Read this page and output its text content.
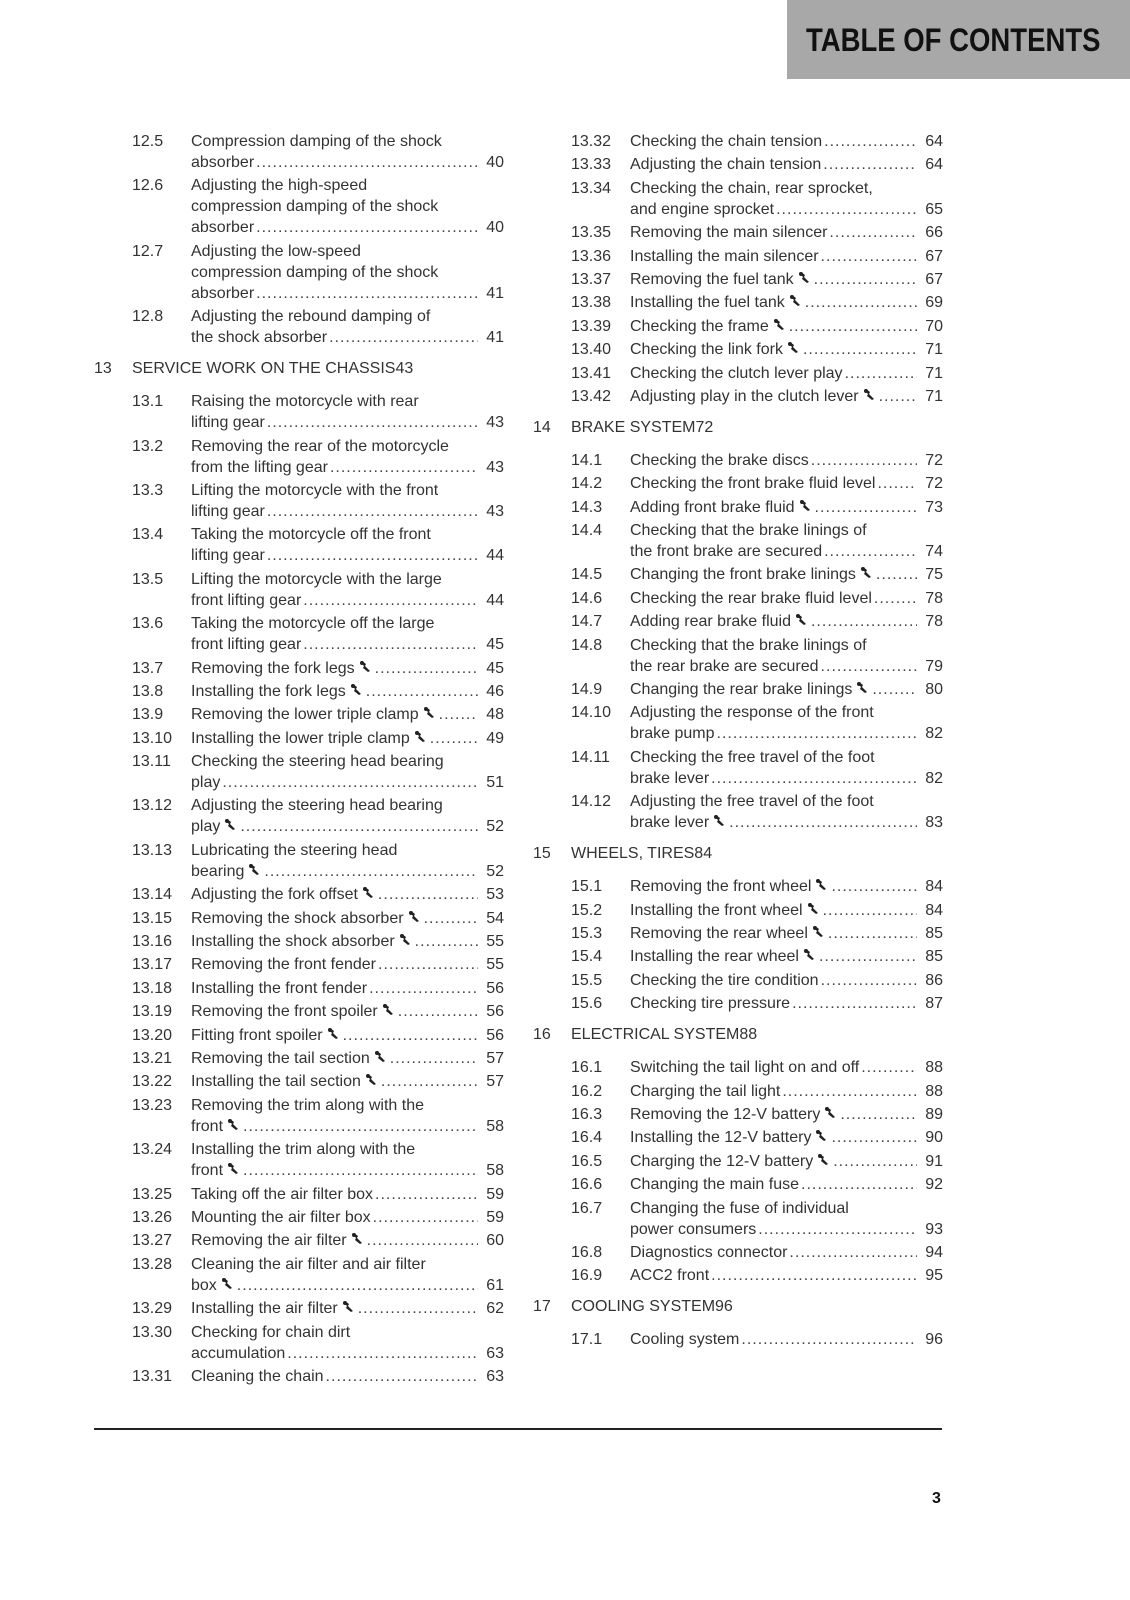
TABLE OF CONTENTS
12.5 Compression damping of the shock
absorber .....	40
12.6 Adjusting the high-speed
compression damping of the shock
absorber .....	40
12.7 Adjusting the low-speed
compression damping of the shock
absorber .....	41
12.8 Adjusting the rebound damping of
the shock absorber .....	41
13 SERVICE WORK ON THE CHASSIS43
13.1 Raising the motorcycle with rear
lifting gear .....	43
13.2 Removing the rear of the motorcycle
from the lifting gear .....	43
13.3 Lifting the motorcycle with the front
lifting gear .....	43
13.4 Taking the motorcycle off the front
lifting gear .....	44
13.5 Lifting the motorcycle with the large
front lifting gear .....	44
13.6 Taking the motorcycle off the large
front lifting gear .....	45
13.7 Removing the fork legs .....	45
13.8 Installing the fork legs .....	46
13.9 Removing the lower triple clamp .....	48
13.10 Installing the lower triple clamp .....	49
13.11 Checking the steering head bearing
play .....	51
13.12 Adjusting the steering head bearing
play .....	52
13.13 Lubricating the steering head
bearing .....	52
13.14 Adjusting the fork offset .....	53
13.15 Removing the shock absorber .....	54
13.16 Installing the shock absorber .....	55
13.17 Removing the front fender .....	55
13.18 Installing the front fender .....	56
13.19 Removing the front spoiler .....	56
13.20 Fitting front spoiler .....	56
13.21 Removing the tail section .....	57
13.22 Installing the tail section .....	57
13.23 Removing the trim along with the
front .....	58
13.24 Installing the trim along with the
front .....	58
13.25 Taking off the air filter box .....	59
13.26 Mounting the air filter box .....	59
13.27 Removing the air filter .....	60
13.28 Cleaning the air filter and air filter
box .....	61
13.29 Installing the air filter .....	62
13.30 Checking for chain dirt
accumulation .....	63
13.31 Cleaning the chain .....	63
13.32 Checking the chain tension .....	64
13.33 Adjusting the chain tension .....	64
13.34 Checking the chain, rear sprocket,
and engine sprocket .....	65
13.35 Removing the main silencer .....	66
13.36 Installing the main silencer .....	67
13.37 Removing the fuel tank .....	67
13.38 Installing the fuel tank .....	69
13.39 Checking the frame .....	70
13.40 Checking the link fork .....	71
13.41 Checking the clutch lever play .....	71
13.42 Adjusting play in the clutch lever .....	71
14 BRAKE SYSTEM72
14.1 Checking the brake discs .....	72
14.2 Checking the front brake fluid level .....	72
14.3 Adding front brake fluid .....	73
14.4 Checking that the brake linings of
the front brake are secured .....	74
14.5 Changing the front brake linings .....	75
14.6 Checking the rear brake fluid level .....	78
14.7 Adding rear brake fluid .....	78
14.8 Checking that the brake linings of
the rear brake are secured .....	79
14.9 Changing the rear brake linings .....	80
14.10 Adjusting the response of the front
brake pump .....	82
14.11 Checking the free travel of the foot
brake lever .....	82
14.12 Adjusting the free travel of the foot
brake lever .....	83
15 WHEELS, TIRES84
15.1 Removing the front wheel .....	84
15.2 Installing the front wheel .....	84
15.3 Removing the rear wheel .....	85
15.4 Installing the rear wheel .....	85
15.5 Checking the tire condition .....	86
15.6 Checking tire pressure .....	87
16 ELECTRICAL SYSTEM88
16.1 Switching the tail light on and off .....	88
16.2 Charging the tail light .....	88
16.3 Removing the 12-V battery .....	89
16.4 Installing the 12-V battery .....	90
16.5 Charging the 12-V battery .....	91
16.6 Changing the main fuse .....	92
16.7 Changing the fuse of individual
power consumers .....	93
16.8 Diagnostics connector .....	94
16.9 ACC2 front .....	95
17 COOLING SYSTEM96
17.1 Cooling system .....	96
3
